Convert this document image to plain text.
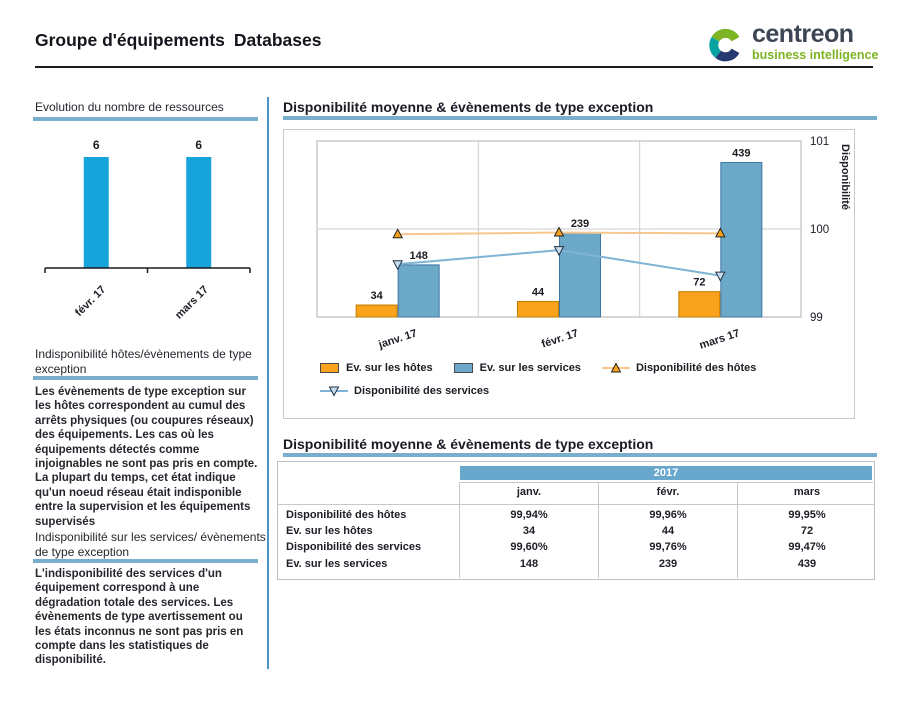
Groupe d'équipements Databases	centreon
business intelligence
Evolution du nombre de ressources
6	6
févr. 17	mars 17
Indisponibilité hôtes/évènements de type exception
Les évènements de type exception sur les hôtes correspondent au cumul des arrêts physiques (ou coupures réseaux) des équipements. Les cas où les équipements détectés comme injoignables ne sont pas pris en compte. La plupart du temps, cet état indique qu'un noeud réseau était indisponible entre la supervision et les équipements supervisés
Indisponibilité sur les services/ évènements de type exception
L'indisponibilité des services d'un équipement correspond à une dégradation totale des services. Les évènements de type avertissement ou les états inconnus ne sont pas pris en compte dans les statistiques de disponibilité.
Disponibilité moyenne & évènements de type exception
34	44
72
148
239
439
99
100
101
Disponibilité
janv. 17	févr. 17	mars 17
Ev. sur les hôtes	Ev. sur les services	Disponibilité des hôtes
Disponibilité des services
Disponibilité moyenne & évènements de type exception
2017
janv.	févr.	mars
Disponibilité des hôtes	99,94%	99,96%	99,95%
Ev. sur les hôtes	34	44	72
Disponibilité des services	99,60%	99,76%	99,47%
Ev. sur les services	148	239	439
